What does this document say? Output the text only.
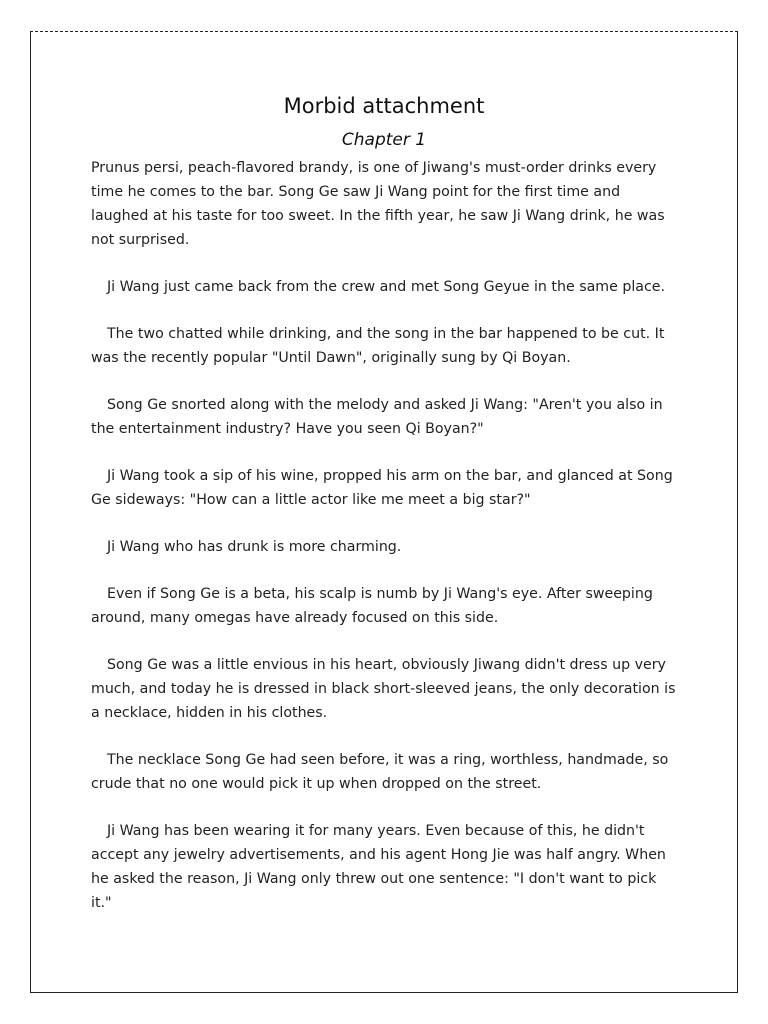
Morbid attachment
Chapter 1

Prunus persi, peach-flavored brandy, is one of Jiwang's must-order drinks every time he comes to the bar. Song Ge saw Ji Wang point for the first time and laughed at his taste for too sweet. In the fifth year, he saw Ji Wang drink, he was not surprised.

Ji Wang just came back from the crew and met Song Geyue in the same place.

The two chatted while drinking, and the song in the bar happened to be cut. It was the recently popular "Until Dawn", originally sung by Qi Boyan.

Song Ge snorted along with the melody and asked Ji Wang: "Aren't you also in the entertainment industry? Have you seen Qi Boyan?"

Ji Wang took a sip of his wine, propped his arm on the bar, and glanced at Song Ge sideways: "How can a little actor like me meet a big star?"

Ji Wang who has drunk is more charming.

Even if Song Ge is a beta, his scalp is numb by Ji Wang's eye. After sweeping around, many omegas have already focused on this side.

Song Ge was a little envious in his heart, obviously Jiwang didn't dress up very much, and today he is dressed in black short-sleeved jeans, the only decoration is a necklace, hidden in his clothes.

The necklace Song Ge had seen before, it was a ring, worthless, handmade, so crude that no one would pick it up when dropped on the street.

Ji Wang has been wearing it for many years. Even because of this, he didn't accept any jewelry advertisements, and his agent Hong Jie was half angry. When he asked the reason, Ji Wang only threw out one sentence: "I don't want to pick it."
